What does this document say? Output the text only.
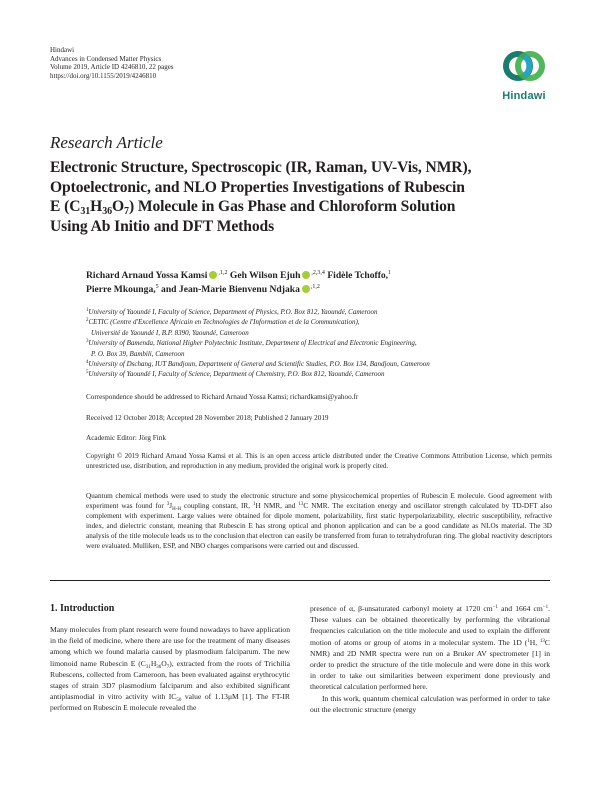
Hindawi
Advances in Condensed Matter Physics
Volume 2019, Article ID 4246810, 22 pages
https://doi.org/10.1155/2019/4246810
Hindawi
Research Article
Electronic Structure, Spectroscopic (IR, Raman, UV-Vis, NMR),
Optoelectronic, and NLO Properties Investigations of Rubescin
E $(C_{31}H_{36}O_7)$ Molecule in Gas Phase and Chloroform Solution
Using Ab Initio and DFT Methods
Richard Arnaud Yossa Kamsi $^{,1,2}$ Geh Wilson Ejuh $^{,2,3,4}$ Fidèle Tchoffo,$^1$
Pierre Mkounga,$^5$ and Jean-Marie Bienvenu Ndjaka $^{,1,2}$
$^1$University of Yaoundé I, Faculty of Science, Department of Physics, P.O. Box 812, Yaoundé, Cameroon
$^2$CETIC (Centre d'Excellence Africain en Technologies de l'Information et de la Communication),
Université de Yaoundé I, B.P. 8390, Yaoundé, Cameroon
$^3$University of Bamenda, National Higher Polytechnic Institute, Department of Electrical and Electronic Engineering,
P. O. Box 39, Bambili, Cameroon
$^4$University of Dschang, IUT Bandjoun, Department of General and Scientific Studies, P.O. Box 134, Bandjoun, Cameroon
$^5$University of Yaoundé I, Faculty of Science, Department of Chemistry, P.O. Box 812, Yaoundé, Cameroon
Correspondence should be addressed to Richard Arnaud Yossa Kamsi; richardkamsi@yahoo.fr
Received 12 October 2018; Accepted 28 November 2018; Published 2 January 2019
Academic Editor: Jörg Fink
Copyright © 2019 Richard Arnaud Yossa Kamsi et al. This is an open access article distributed under the Creative Commons Attribution License, which permits unrestricted use, distribution, and reproduction in any medium, provided the original work is properly cited.
Quantum chemical methods were used to study the electronic structure and some physicochemical properties of Rubescin E molecule. Good agreement with experiment was found for $^3J_{H-H}$ coupling constant, IR, $^1$H NMR, and $^{13}$C NMR. The excitation energy and oscillator strength calculated by TD-DFT also complement with experiment. Large values were obtained for dipole moment, polarizability, first static hyperpolarizability, electric susceptibility, refractive index, and dielectric constant, meaning that Rubescin E has strong optical and phonon application and can be a good candidate as NLOs material. The 3D analysis of the title molecule leads us to the conclusion that electron can easily be transferred from furan to tetrahydrofuran ring. The global reactivity descriptors were evaluated. Mulliken, ESP, and NBO charges comparisons were carried out and discussed.
1. Introduction

Many molecules from plant research were found nowadays to have application in the field of medicine, where there are use for the treatment of many diseases among which we found malaria caused by plasmodium falciparum. The new limonoid name Rubescin E $(C_{31}H_{36}O_7)$, extracted from the roots of Trichilia Rubescens, collected from Cameroon, has been evaluated against erythrocytic stages of strain 3D7 plasmodium falciparum and also exhibited significant antiplasmodial in vitro activity with $IC_{50}$ value of 1.13μM [1]. The FT-IR performed on Rubescin E molecule revealed the

presence of α, β-unsaturated carbonyl moiety at 1720 $cm^{-1}$ and 1664 $cm^{-1}$. These values can be obtained theoretically by performing the vibrational frequencies calculation on the title molecule and used to explain the different motion of atoms or group of atoms in a molecular system. The 1D ($^1$H, $^{13}$C NMR) and 2D NMR spectra were run on a Bruker AV spectrometer [1] in order to predict the structure of the title molecule and were done in this work in order to take out similarities between experiment done previously and theoretical calculation performed here.

In this work, quantum chemical calculation was performed in order to take out the electronic structure (energy
